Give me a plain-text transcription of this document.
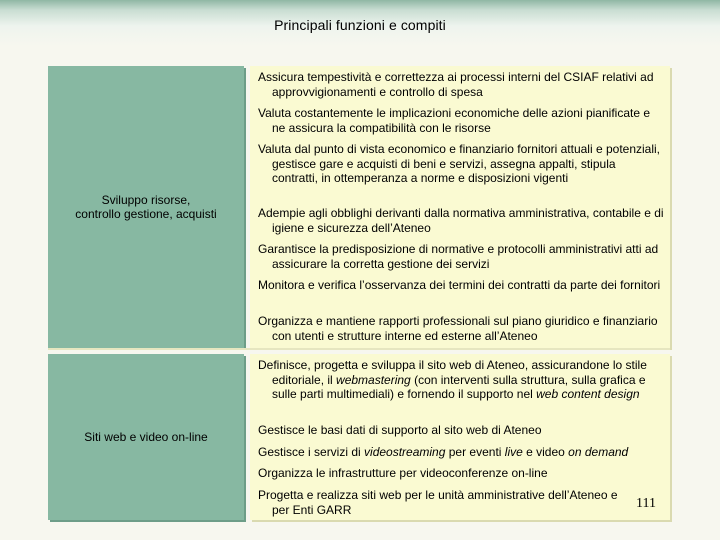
Principali funzioni e compiti
Sviluppo risorse,
controllo gestione, acquisti
Assicura tempestività e correttezza ai processi interni del CSIAF relativi ad approvvigionamenti e controllo di spesa
Valuta costantemente le implicazioni economiche delle azioni pianificate e ne assicura la compatibilità con le risorse
Valuta dal punto di vista economico e finanziario fornitori attuali e potenziali, gestisce gare e acquisti di beni e servizi, assegna appalti, stipula contratti, in ottemperanza a norme e disposizioni vigenti
Adempie agli obblighi derivanti dalla normativa amministrativa, contabile e di igiene e sicurezza dell’Ateneo
Garantisce la predisposizione di normative e protocolli amministrativi atti ad assicurare la corretta gestione dei servizi
Monitora e verifica l’osservanza dei termini dei contratti da parte dei fornitori
Organizza e mantiene rapporti professionali sul piano giuridico e finanziario con utenti e strutture interne ed esterne all’Ateneo
Siti web e video on-line
Definisce, progetta e sviluppa il sito web di Ateneo, assicurandone lo stile editoriale, il webmastering (con interventi sulla struttura, sulla grafica e sulle parti multimediali) e fornendo il supporto nel web content design
Gestisce le basi dati di supporto al sito web di Ateneo
Gestisce i servizi di videostreaming per eventi live e video on demand
Organizza le infrastrutture per videoconferenze on-line
Progetta e realizza siti web per le unità amministrative dell’Ateneo e per Enti GARR	111
